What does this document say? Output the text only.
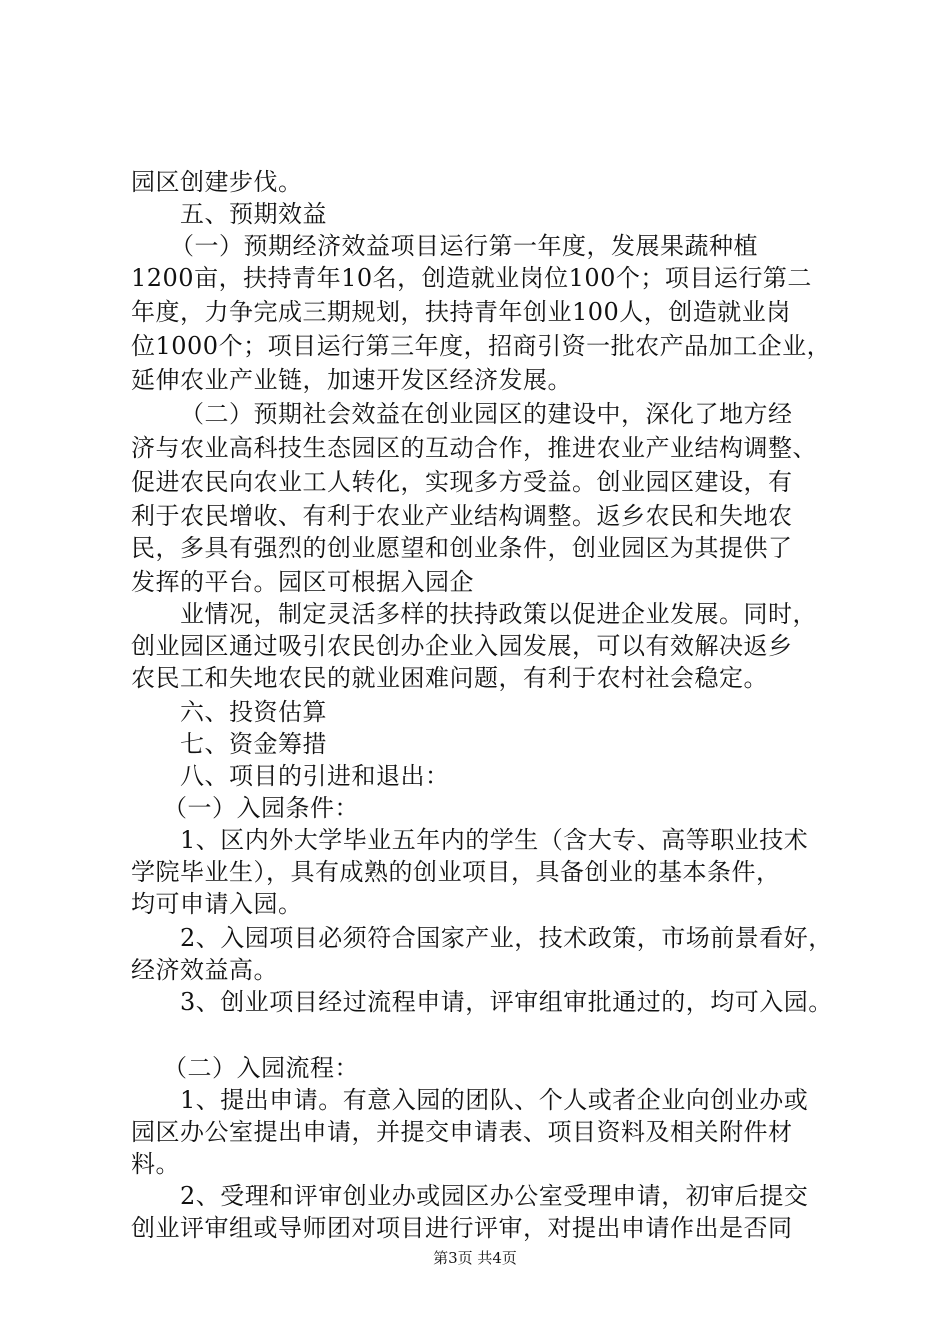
园区创建步伐。
五、预期效益
（一）预期经济效益项目运行第一年度，发展果蔬种植
1200亩，扶持青年10名，创造就业岗位100个；项目运行第二
年度，力争完成三期规划，扶持青年创业100人，创造就业岗
位1000个；项目运行第三年度，招商引资一批农产品加工企业，
延伸农业产业链，加速开发区经济发展。
（二）预期社会效益在创业园区的建设中，深化了地方经
济与农业高科技生态园区的互动合作，推进农业产业结构调整、
促进农民向农业工人转化，实现多方受益。创业园区建设，有
利于农民增收、有利于农业产业结构调整。返乡农民和失地农
民，多具有强烈的创业愿望和创业条件，创业园区为其提供了
发挥的平台。园区可根据入园企
业情况，制定灵活多样的扶持政策以促进企业发展。同时，
创业园区通过吸引农民创办企业入园发展，可以有效解决返乡
农民工和失地农民的就业困难问题，有利于农村社会稳定。
六、投资估算
七、资金筹措
八、项目的引进和退出：
（一）入园条件：
1、区内外大学毕业五年内的学生（含大专、高等职业技术
学院毕业生），具有成熟的创业项目，具备创业的基本条件，
均可申请入园。
2、入园项目必须符合国家产业，技术政策，市场前景看好，
经济效益高。
3、创业项目经过流程申请，评审组审批通过的，均可入园。
（二）入园流程：
1、提出申请。有意入园的团队、个人或者企业向创业办或
园区办公室提出申请，并提交申请表、项目资料及相关附件材
料。
2、受理和评审创业办或园区办公室受理申请，初审后提交
创业评审组或导师团对项目进行评审，对提出申请作出是否同
第3页 共4页
